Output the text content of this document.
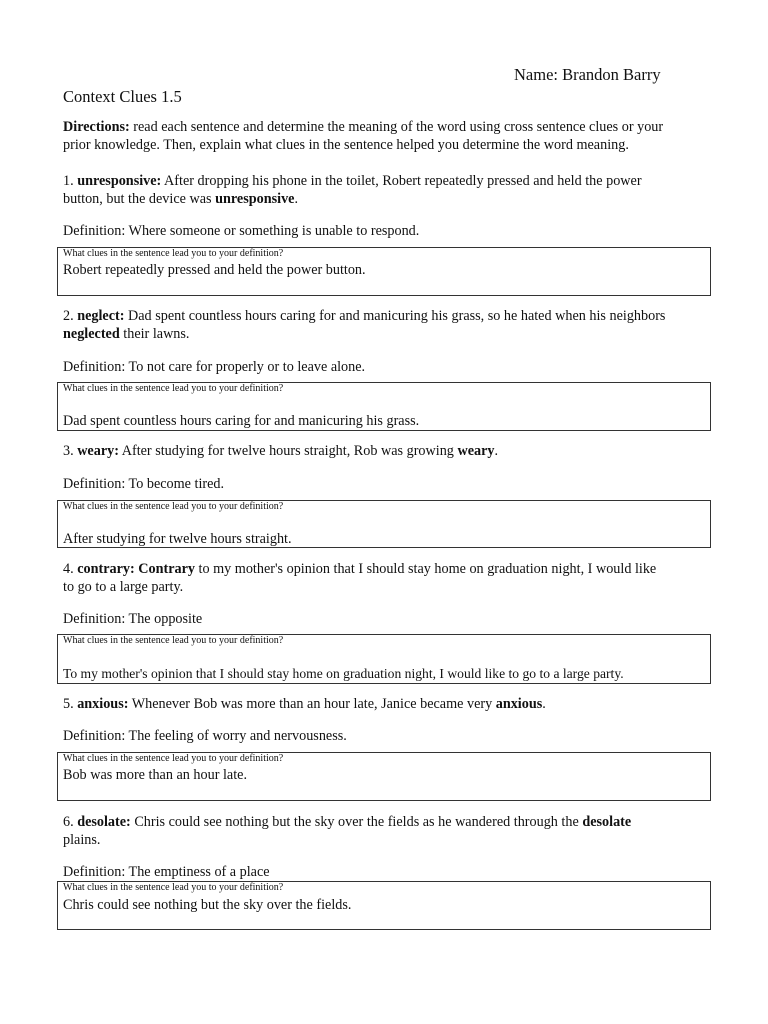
Name: Brandon Barry
Context Clues 1.5
Directions: read each sentence and determine the meaning of the word using cross sentence clues or your
prior knowledge. Then, explain what clues in the sentence helped you determine the word meaning.
1. unresponsive: After dropping his phone in the toilet, Robert repeatedly pressed and held the power
button, but the device was unresponsive.
Definition: Where someone or something is unable to respond.
What clues in the sentence lead you to your definition?
Robert repeatedly pressed and held the power button.
2. neglect: Dad spent countless hours caring for and manicuring his grass, so he hated when his neighbors
neglected their lawns.
Definition: To not care for properly or to leave alone.
What clues in the sentence lead you to your definition?
Dad spent countless hours caring for and manicuring his grass.
3. weary: After studying for twelve hours straight, Rob was growing weary.
Definition: To become tired.
What clues in the sentence lead you to your definition?
After studying for twelve hours straight.
4. contrary: Contrary to my mother's opinion that I should stay home on graduation night, I would like
to go to a large party.
Definition: The opposite
What clues in the sentence lead you to your definition?
To my mother's opinion that I should stay home on graduation night, I would like to go to a large party.
5. anxious: Whenever Bob was more than an hour late, Janice became very anxious.
Definition: The feeling of worry and nervousness.
What clues in the sentence lead you to your definition?
Bob was more than an hour late.
6. desolate: Chris could see nothing but the sky over the fields as he wandered through the desolate
plains.
Definition: The emptiness of a place
What clues in the sentence lead you to your definition?
Chris could see nothing but the sky over the fields.
